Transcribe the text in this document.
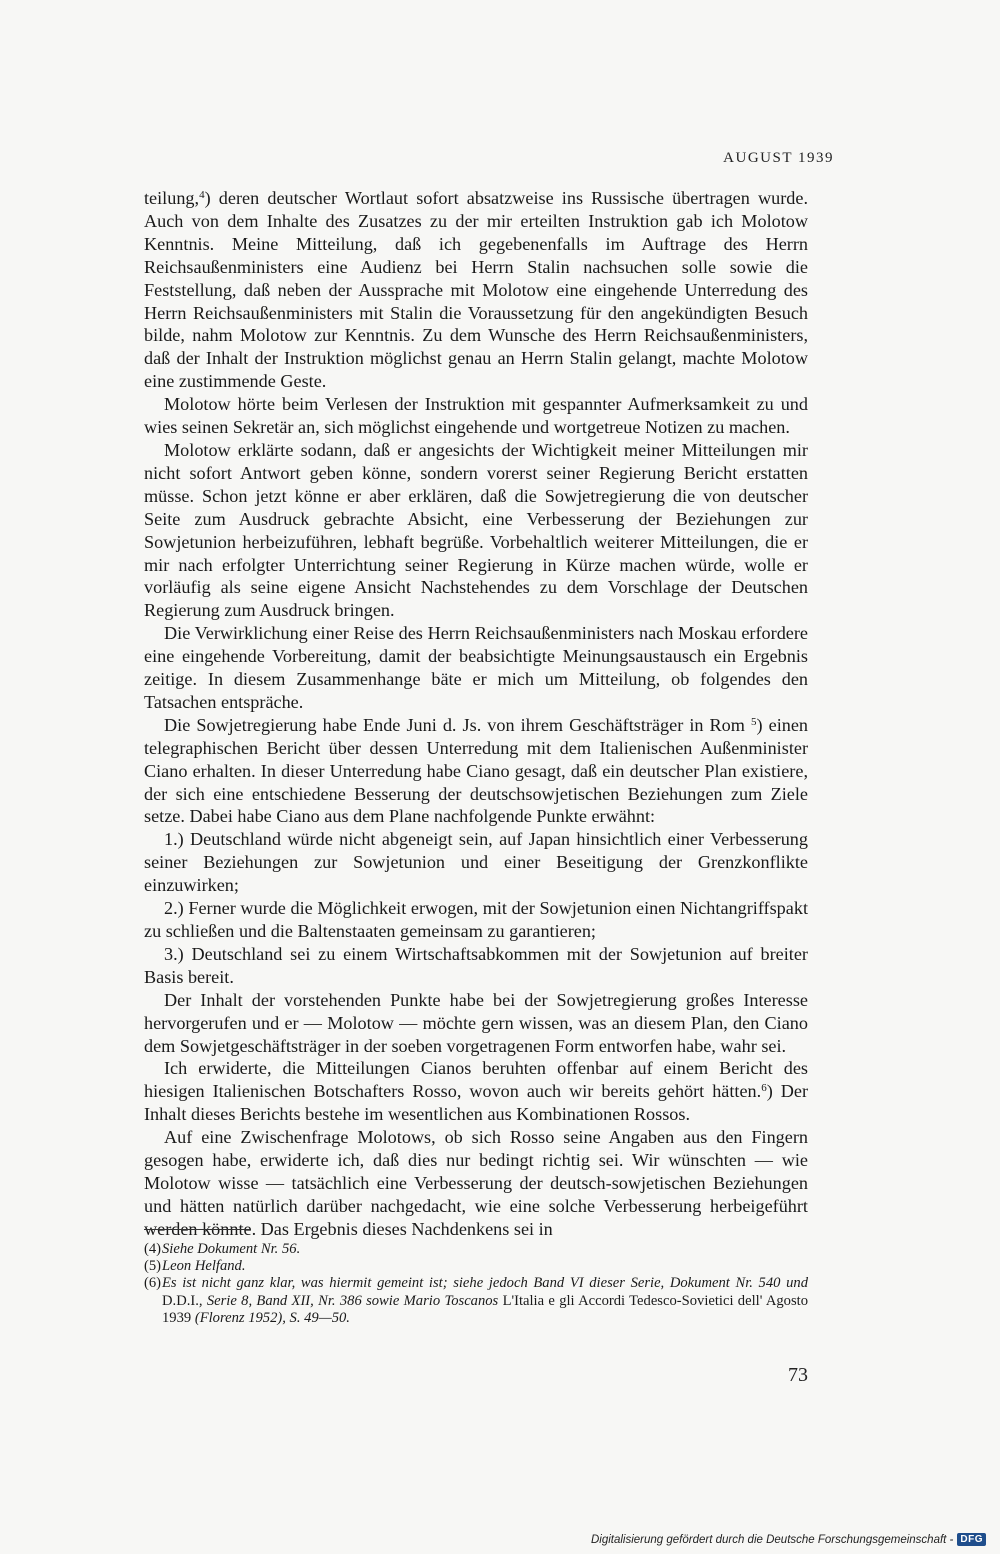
AUGUST 1939

teilung,$^4$) deren deutscher Wortlaut sofort absatzweise ins Russische übertragen wurde. Auch von dem Inhalte des Zusatzes zu der mir erteilten Instruktion gab ich Molotow Kenntnis. Meine Mitteilung, daß ich gegebenenfalls im Auftrage des Herrn Reichsaußenministers eine Audienz bei Herrn Stalin nachsuchen solle sowie die Feststellung, daß neben der Aussprache mit Molotow eine eingehende Unterredung des Herrn Reichsaußenministers mit Stalin die Voraussetzung für den angekündigten Besuch bilde, nahm Molotow zur Kenntnis. Zu dem Wunsche des Herrn Reichsaußenministers, daß der Inhalt der Instruktion möglichst genau an Herrn Stalin gelangt, machte Molotow eine zustimmende Geste.

Molotow hörte beim Verlesen der Instruktion mit gespannter Aufmerksamkeit zu und wies seinen Sekretär an, sich möglichst eingehende und wortgetreue Notizen zu machen.

Molotow erklärte sodann, daß er angesichts der Wichtigkeit meiner Mitteilungen mir nicht sofort Antwort geben könne, sondern vorerst seiner Regierung Bericht erstatten müsse. Schon jetzt könne er aber erklären, daß die Sowjetregierung die von deutscher Seite zum Ausdruck gebrachte Absicht, eine Verbesserung der Beziehungen zur Sowjetunion herbeizuführen, lebhaft begrüße. Vorbehaltlich weiterer Mitteilungen, die er mir nach erfolgter Unterrichtung seiner Regierung in Kürze machen würde, wolle er vorläufig als seine eigene Ansicht Nachstehendes zu dem Vorschlage der Deutschen Regierung zum Ausdruck bringen.

Die Verwirklichung einer Reise des Herrn Reichsaußenministers nach Moskau erfordere eine eingehende Vorbereitung, damit der beabsichtigte Meinungsaustausch ein Ergebnis zeitige. In diesem Zusammenhange bäte er mich um Mitteilung, ob folgendes den Tatsachen entspräche.

Die Sowjetregierung habe Ende Juni d. Js. von ihrem Geschäftsträger in Rom $^5$) einen telegraphischen Bericht über dessen Unterredung mit dem Italienischen Außenminister Ciano erhalten. In dieser Unterredung habe Ciano gesagt, daß ein deutscher Plan existiere, der sich eine entschiedene Besserung der deutschsowjetischen Beziehungen zum Ziele setze. Dabei habe Ciano aus dem Plane nachfolgende Punkte erwähnt:

1.) Deutschland würde nicht abgeneigt sein, auf Japan hinsichtlich einer Verbesserung seiner Beziehungen zur Sowjetunion und einer Beseitigung der Grenzkonflikte einzuwirken;

2.) Ferner wurde die Möglichkeit erwogen, mit der Sowjetunion einen Nichtangriffspakt zu schließen und die Baltenstaaten gemeinsam zu garantieren;

3.) Deutschland sei zu einem Wirtschaftsabkommen mit der Sowjetunion auf breiter Basis bereit.

Der Inhalt der vorstehenden Punkte habe bei der Sowjetregierung großes Interesse hervorgerufen und er — Molotow — möchte gern wissen, was an diesem Plan, den Ciano dem Sowjetgeschäftsträger in der soeben vorgetragenen Form entworfen habe, wahr sei.

Ich erwiderte, die Mitteilungen Cianos beruhten offenbar auf einem Bericht des hiesigen Italienischen Botschafters Rosso, wovon auch wir bereits gehört hätten.$^6$) Der Inhalt dieses Berichts bestehe im wesentlichen aus Kombinationen Rossos.

Auf eine Zwischenfrage Molotows, ob sich Rosso seine Angaben aus den Fingern gesogen habe, erwiderte ich, daß dies nur bedingt richtig sei. Wir wünschten — wie Molotow wisse — tatsächlich eine Verbesserung der deutsch-sowjetischen Beziehungen und hätten natürlich darüber nachgedacht, wie eine solche Verbesserung herbeigeführt werden könnte. Das Ergebnis dieses Nachdenkens sei in

(4) Siehe Dokument Nr. 56.
(5) Leon Helfand.
(6) Es ist nicht ganz klar, was hiermit gemeint ist; siehe jedoch Band VI dieser Serie, Dokument Nr. 540 und D.D.I., Serie 8, Band XII, Nr. 386 sowie Mario Toscanos L'Italia e gli Accordi Tedesco-Sovietici dell' Agosto 1939 (Florenz 1952), S. 49—50.
73
Digitalisierung gefördert durch die Deutsche Forschungsgemeinschaft - DFG
